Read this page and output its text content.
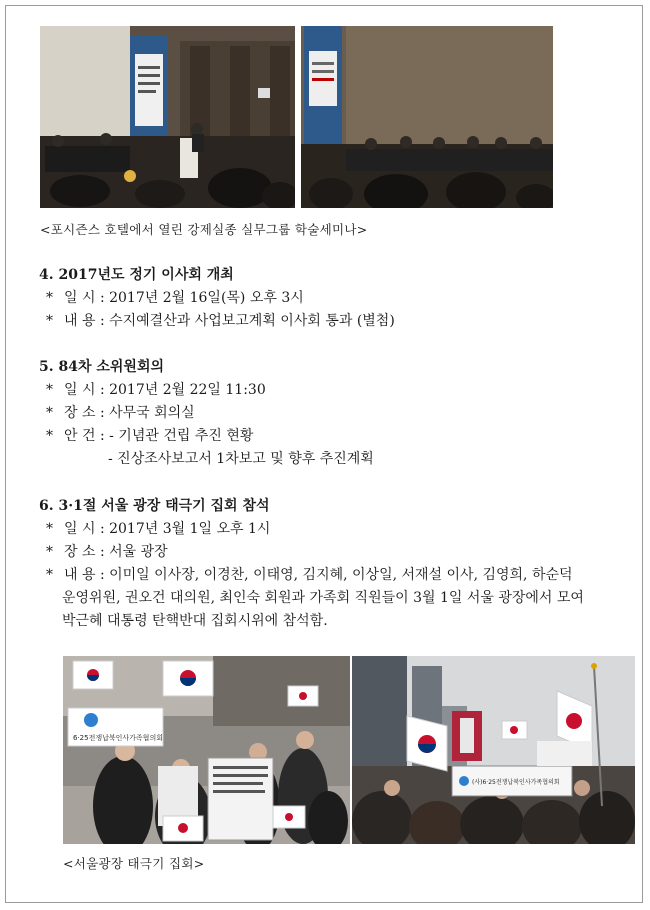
<포시즌스 호텔에서 열린 강제실종 실무그룹 학술세미나>
4. 2017년도 정기 이사회 개최
* 일 시 : 2017년 2월 16일(목) 오후 3시
* 내 용 : 수지예결산과 사업보고계획 이사회 통과 (별첨)
5. 84차 소위원회의
* 일 시 : 2017년 2월 22일 11:30
* 장 소 : 사무국 회의실
* 안 건 : - 기념관 건립 추진 현황
- 진상조사보고서 1차보고 및 향후 추진계획
6. 3·1절 서울 광장 태극기 집회 참석
* 일 시 : 2017년 3월 1일 오후 1시
* 장 소 : 서울 광장
* 내 용 : 이미일 이사장, 이경찬, 이태영, 김지혜, 이상일, 서재설 이사, 김영희, 하순덕
운영위원, 권오건 대의원, 최인숙 회원과 가족회 직원들이 3월 1일 서울 광장에서 모여
박근혜 대통령 탄핵반대 집회시위에 참석함.
6·25전쟁납북인사가족협의회
(사)6·25전쟁납북인사가족협의회
<서울광장 태극기 집회>
